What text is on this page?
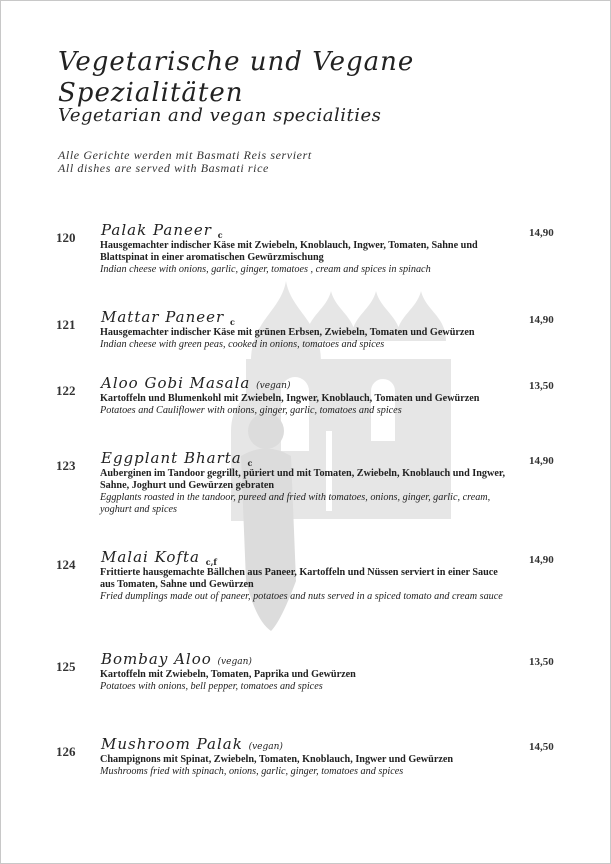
Vegetarische und Vegane
Spezialitäten
Vegetarian and vegan specialities
Alle Gerichte werden mit Basmati Reis serviert
All dishes are served with Basmati rice
120 Palak Paneer $_c$	14,90
Hausgemachter indischer Käse mit Zwiebeln, Knoblauch, Ingwer, Tomaten, Sahne und Blattspinat in einer aromatischen Gewürzmischung
Indian cheese with onions, garlic, ginger, tomatoes , cream and spices in spinach
121 Mattar Paneer $_c$	14,90
Hausgemachter indischer Käse mit grünen Erbsen, Zwiebeln, Tomaten und Gewürzen
Indian cheese with green peas, cooked in onions, tomatoes and spices
122 Aloo Gobi Masala (vegan)	13,50
Kartoffeln und Blumenkohl mit Zwiebeln, Ingwer, Knoblauch, Tomaten und Gewürzen
Potatoes and Cauliflower with onions, ginger, garlic, tomatoes and spices
123 Eggplant Bharta $_c$	14,90
Auberginen im Tandoor gegrillt, püriert und mit Tomaten, Zwiebeln, Knoblauch und Ingwer, Sahne, Joghurt und Gewürzen gebraten
Eggplants roasted in the tandoor, pureed and fried with tomatoes, onions, ginger, garlic, cream, yoghurt and spices
124 Malai Kofta $_{c,f}$	14,90
Frittierte hausgemachte Bällchen aus Paneer, Kartoffeln und Nüssen serviert in einer Sauce aus Tomaten, Sahne und Gewürzen
Fried dumplings made out of paneer, potatoes and nuts served in a spiced tomato and cream sauce
125 Bombay Aloo (vegan)	13,50
Kartoffeln mit Zwiebeln, Tomaten, Paprika und Gewürzen
Potatoes with onions, bell pepper, tomatoes and spices
126 Mushroom Palak (vegan)	14,50
Champignons mit Spinat, Zwiebeln, Tomaten, Knoblauch, Ingwer und Gewürzen
Mushrooms fried with spinach, onions, garlic, ginger, tomatoes and spices
